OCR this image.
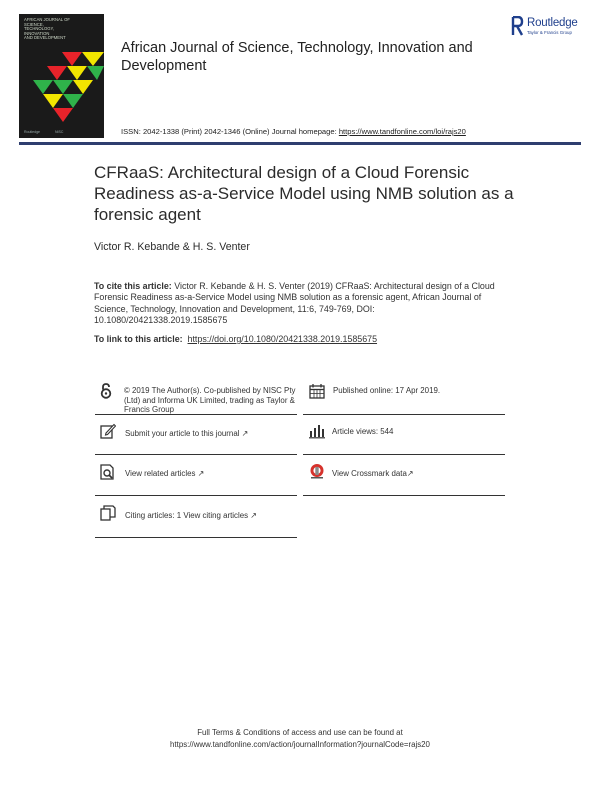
AFRICAN JOURNAL OF
SCIENCE,
TECHNOLOGY,
INNOVATION
AND DEVELOPMENT
Routledge	NISC
African Journal of Science, Technology, Innovation and Development
Routledge
Taylor & Francis Group
ISSN: 2042-1338 (Print) 2042-1346 (Online) Journal homepage: https://www.tandfonline.com/loi/rajs20
CFRaaS: Architectural design of a Cloud Forensic Readiness as-a-Service Model using NMB solution as a forensic agent
Victor R. Kebande & H. S. Venter
To cite this article: Victor R. Kebande & H. S. Venter (2019) CFRaaS: Architectural design of a Cloud Forensic Readiness as-a-Service Model using NMB solution as a forensic agent, African Journal of Science, Technology, Innovation and Development, 11:6, 749-769, DOI: 10.1080/20421338.2019.1585675
To link to this article: https://doi.org/10.1080/20421338.2019.1585675
© 2019 The Author(s). Co-published by NISC Pty (Ltd) and Informa UK Limited, trading as Taylor & Francis Group
Published online: 17 Apr 2019.
Submit your article to this journal ↗	Article views: 544
View related articles ↗	View Crossmark data↗
Citing articles: 1 View citing articles ↗
Full Terms & Conditions of access and use can be found at
https://www.tandfonline.com/action/journalInformation?journalCode=rajs20
